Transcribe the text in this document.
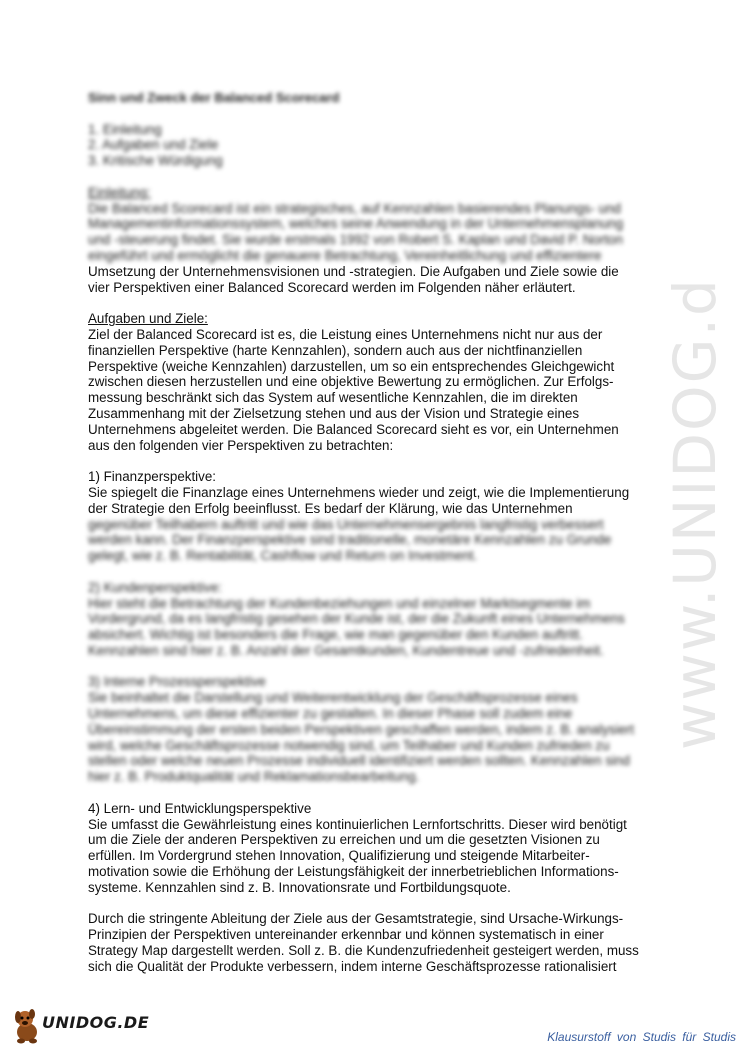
www.UNIDOG.de
Sinn und Zweck der Balanced Scorecard
1. Einleitung
2. Aufgaben und Ziele
3. Kritische Würdigung
Einleitung:
Die Balanced Scorecard ist ein strategisches, auf Kennzahlen basierendes Planungs- und
Managementinformationssystem, welches seine Anwendung in der Unternehmensplanung
und -steuerung findet. Sie wurde erstmals 1992 von Robert S. Kaplan und David P. Norton
eingeführt und ermöglicht die genauere Betrachtung, Vereinheitlichung und effizientere
Umsetzung der Unternehmensvisionen und -strategien. Die Aufgaben und Ziele sowie die
vier Perspektiven einer Balanced Scorecard werden im Folgenden näher erläutert.
Aufgaben und Ziele:
Ziel der Balanced Scorecard ist es, die Leistung eines Unternehmens nicht nur aus der
finanziellen Perspektive (harte Kennzahlen), sondern auch aus der nichtfinanziellen
Perspektive (weiche Kennzahlen) darzustellen, um so ein entsprechendes Gleichgewicht
zwischen diesen herzustellen und eine objektive Bewertung zu ermöglichen. Zur Erfolgs-
messung beschränkt sich das System auf wesentliche Kennzahlen, die im direkten
Zusammenhang mit der Zielsetzung stehen und aus der Vision und Strategie eines
Unternehmens abgeleitet werden. Die Balanced Scorecard sieht es vor, ein Unternehmen
aus den folgenden vier Perspektiven zu betrachten:
1) Finanzperspektive:
Sie spiegelt die Finanzlage eines Unternehmens wieder und zeigt, wie die Implementierung
der Strategie den Erfolg beeinflusst. Es bedarf der Klärung, wie das Unternehmen
gegenüber Teilhabern auftritt und wie das Unternehmensergebnis langfristig verbessert
werden kann. Der Finanzperspektive sind traditionelle, monetäre Kennzahlen zu Grunde
gelegt, wie z. B. Rentabilität, Cashflow und Return on Investment.
2) Kundenperspektive:
Hier steht die Betrachtung der Kundenbeziehungen und einzelner Marktsegmente im
Vordergrund, da es langfristig gesehen der Kunde ist, der die Zukunft eines Unternehmens
absichert. Wichtig ist besonders die Frage, wie man gegenüber den Kunden auftritt.
Kennzahlen sind hier z. B. Anzahl der Gesamtkunden, Kundentreue und -zufriedenheit.
3) Interne Prozessperspektive
Sie beinhaltet die Darstellung und Weiterentwicklung der Geschäftsprozesse eines
Unternehmens, um diese effizienter zu gestalten. In dieser Phase soll zudem eine
Übereinstimmung der ersten beiden Perspektiven geschaffen werden, indem z. B. analysiert
wird, welche Geschäftsprozesse notwendig sind, um Teilhaber und Kunden zufrieden zu
stellen oder welche neuen Prozesse individuell identifiziert werden sollten. Kennzahlen sind
hier z. B. Produktqualität und Reklamationsbearbeitung.
4) Lern- und Entwicklungsperspektive
Sie umfasst die Gewährleistung eines kontinuierlichen Lernfortschritts. Dieser wird benötigt
um die Ziele der anderen Perspektiven zu erreichen und um die gesetzten Visionen zu
erfüllen. Im Vordergrund stehen Innovation, Qualifizierung und steigende Mitarbeiter-
motivation sowie die Erhöhung der Leistungsfähigkeit der innerbetrieblichen Informations-
systeme. Kennzahlen sind z. B. Innovationsrate und Fortbildungsquote.
Durch die stringente Ableitung der Ziele aus der Gesamtstrategie, sind Ursache-Wirkungs-
Prinzipien der Perspektiven untereinander erkennbar und können systematisch in einer
Strategy Map dargestellt werden. Soll z. B. die Kundenzufriedenheit gesteigert werden, muss
sich die Qualität der Produkte verbessern, indem interne Geschäftsprozesse rationalisiert
UNIDOG.DE
Klausurstoff von Studis für Studis
